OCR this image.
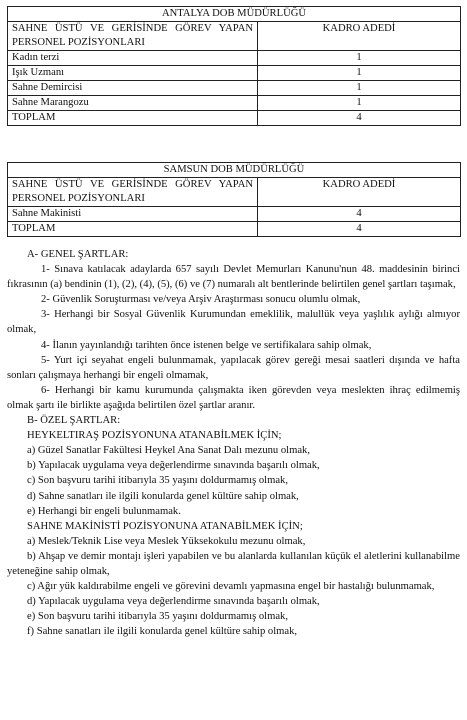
ANTALYA DOB MÜDÜRLÜĞÜ	

SAHNE ÜSTÜ VE GERİSİNDE GÖREV YAPAN
PERSONEL POZİSYONLARI	KADRO ADEDİ
Kadın terzi	1
Işık Uzmanı	1
Sahne Demircisi	1
Sahne Marangozu	1
TOPLAM	4
SAMSUN DOB MÜDÜRLÜĞÜ	

SAHNE ÜSTÜ VE GERİSİNDE GÖREV YAPAN
PERSONEL POZİSYONLARI	KADRO ADEDİ
Sahne Makinisti	4
TOPLAM	4

A- GENEL ŞARTLAR:

1- Sınava katılacak adaylarda 657 sayılı Devlet Memurları Kanunu'nun 48. maddesinin birinci fıkrasının (a) bendinin (1), (2), (4), (5), (6) ve (7) numaralı alt bentlerinde belirtilen genel şartları taşımak,

2- Güvenlik Soruşturması ve/veya Arşiv Araştırması sonucu olumlu olmak,

3- Herhangi bir Sosyal Güvenlik Kurumundan emeklilik, malullük veya yaşlılık aylığı almıyor olmak,

4- İlanın yayınlandığı tarihten önce istenen belge ve sertifikalara sahip olmak,

5- Yurt içi seyahat engeli bulunmamak, yapılacak görev gereği mesai saatleri dışında ve hafta sonları çalışmaya herhangi bir engeli olmamak,

6- Herhangi bir kamu kurumunda çalışmakta iken görevden veya meslekten ihraç edilmemiş olmak şartı ile birlikte aşağıda belirtilen özel şartlar aranır.

B- ÖZEL ŞARTLAR:

HEYKELTIRAŞ POZİSYONUNA ATANABİLMEK İÇİN;

a) Güzel Sanatlar Fakültesi Heykel Ana Sanat Dalı mezunu olmak,

b) Yapılacak uygulama veya değerlendirme sınavında başarılı olmak,

c) Son başvuru tarihi itibarıyla 35 yaşını doldurmamış olmak,

d) Sahne sanatları ile ilgili konularda genel kültüre sahip olmak,

e) Herhangi bir engeli bulunmamak.

SAHNE MAKİNİSTİ POZİSYONUNA ATANABİLMEK İÇİN;

a) Meslek/Teknik Lise veya Meslek Yüksekokulu mezunu olmak,

b) Ahşap ve demir montajı işleri yapabilen ve bu alanlarda kullanılan küçük el aletlerini kullanabilme yeteneğine sahip olmak,

c) Ağır yük kaldırabilme engeli ve görevini devamlı yapmasına engel bir hastalığı bulunmamak,

d) Yapılacak uygulama veya değerlendirme sınavında başarılı olmak,

e) Son başvuru tarihi itibarıyla 35 yaşını doldurmamış olmak,

f) Sahne sanatları ile ilgili konularda genel kültüre sahip olmak,
